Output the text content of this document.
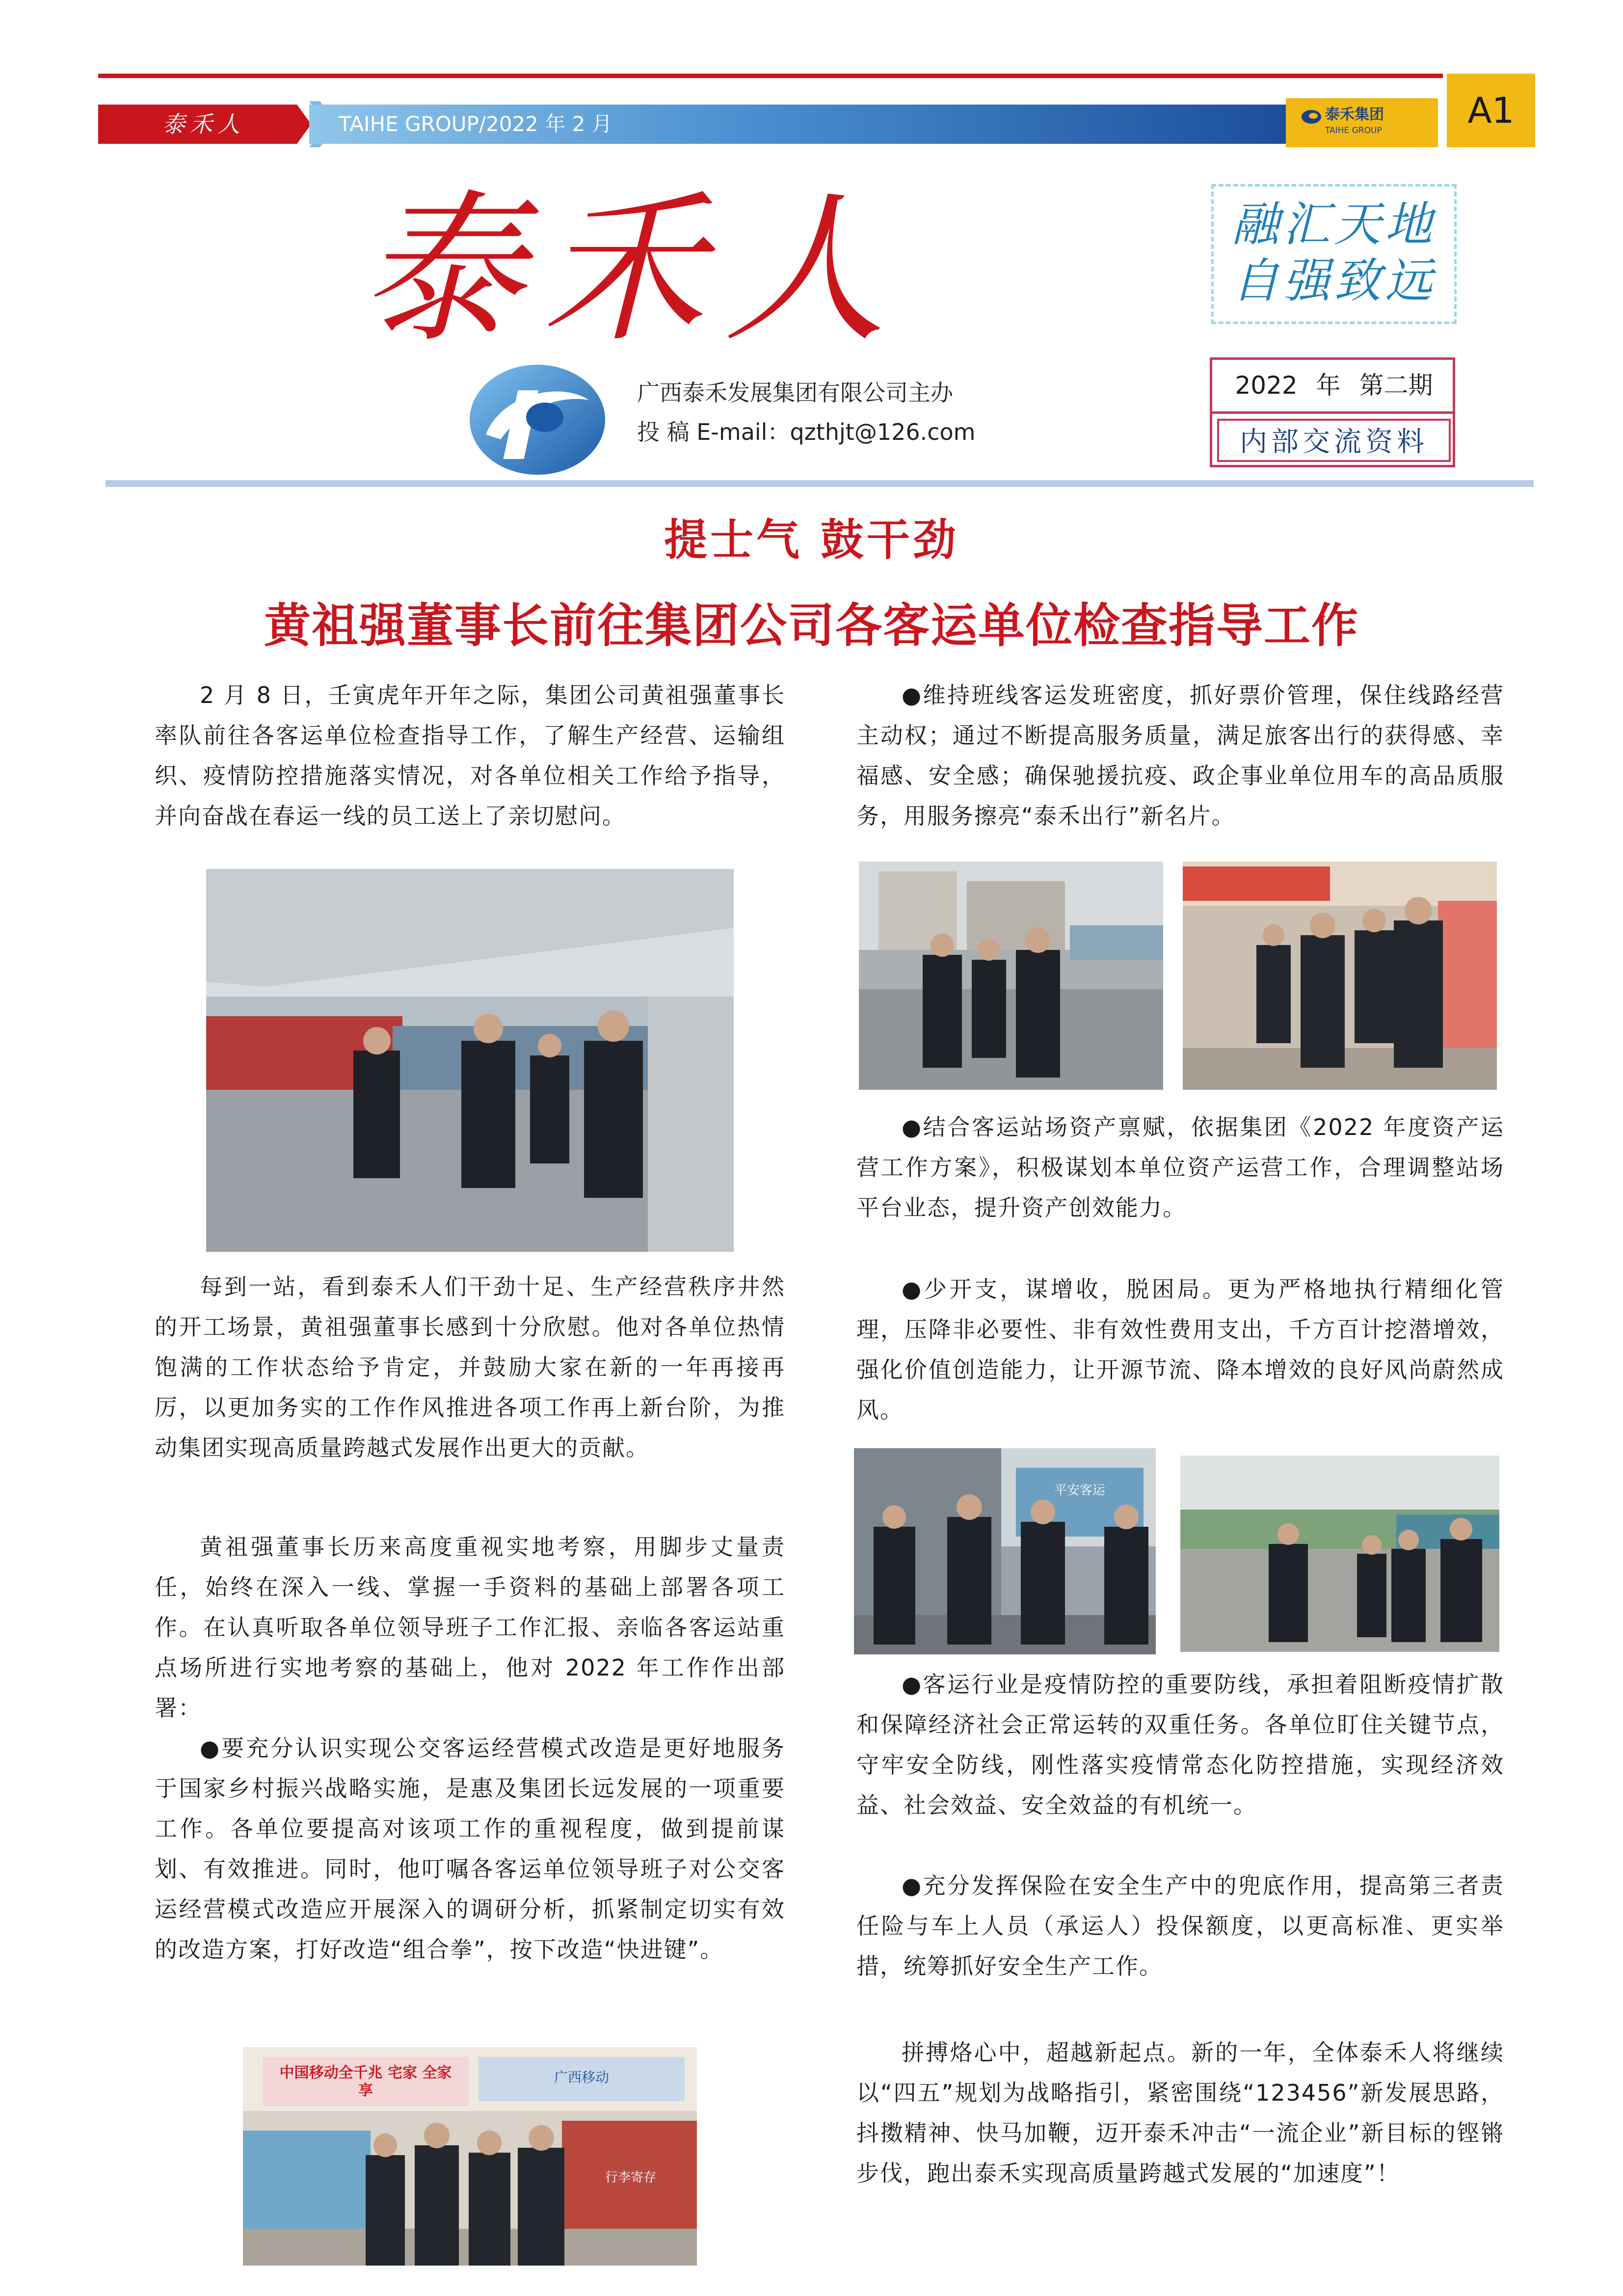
泰禾人	TAIHE GROUP/2022 年 2 月	泰禾集团
TAIHE GROUP	A1
泰禾人
广西泰禾发展集团有限公司主办
投 稿 E-mail：qzthjt@126.com
融汇天地
自强致远
2022 年 第二期
内部交流资料
提士气 鼓干劲
黄祖强董事长前往集团公司各客运单位检查指导工作

2 月 8 日，壬寅虎年开年之际，集团公司黄祖强董事长率队前往各客运单位检查指导工作，了解生产经营、运输组织、疫情防控措施落实情况，对各单位相关工作给予指导，并向奋战在春运一线的员工送上了亲切慰问。

每到一站，看到泰禾人们干劲十足、生产经营秩序井然的开工场景，黄祖强董事长感到十分欣慰。他对各单位热情饱满的工作状态给予肯定，并鼓励大家在新的一年再接再厉，以更加务实的工作作风推进各项工作再上新台阶，为推动集团实现高质量跨越式发展作出更大的贡献。

黄祖强董事长历来高度重视实地考察，用脚步丈量责任，始终在深入一线、掌握一手资料的基础上部署各项工作。在认真听取各单位领导班子工作汇报、亲临各客运站重点场所进行实地考察的基础上，他对 2022 年工作作出部署：

●要充分认识实现公交客运经营模式改造是更好地服务于国家乡村振兴战略实施，是惠及集团长远发展的一项重要工作。各单位要提高对该项工作的重视程度，做到提前谋划、有效推进。同时，他叮嘱各客运单位领导班子对公交客运经营模式改造应开展深入的调研分析，抓紧制定切实有效的改造方案，打好改造“组合拳”，按下改造“快进键”。

中国移动全千兆 宅家 全家享
广西移动
行李寄存

●维持班线客运发班密度，抓好票价管理，保住线路经营主动权；通过不断提高服务质量，满足旅客出行的获得感、幸福感、安全感；确保驰援抗疫、政企事业单位用车的高品质服务，用服务擦亮“泰禾出行”新名片。

●结合客运站场资产禀赋，依据集团《2022 年度资产运营工作方案》，积极谋划本单位资产运营工作，合理调整站场平台业态，提升资产创效能力。

●少开支，谋增收，脱困局。更为严格地执行精细化管理，压降非必要性、非有效性费用支出，千方百计挖潜增效，强化价值创造能力，让开源节流、降本增效的良好风尚蔚然成风。

平安客运

●客运行业是疫情防控的重要防线，承担着阻断疫情扩散和保障经济社会正常运转的双重任务。各单位盯住关键节点，守牢安全防线，刚性落实疫情常态化防控措施，实现经济效益、社会效益、安全效益的有机统一。

●充分发挥保险在安全生产中的兜底作用，提高第三者责任险与车上人员（承运人）投保额度，以更高标准、更实举措，统筹抓好安全生产工作。

拼搏烙心中，超越新起点。新的一年，全体泰禾人将继续以“四五”规划为战略指引，紧密围绕“123456”新发展思路，抖擞精神、快马加鞭，迈开泰禾冲击“一流企业”新目标的铿锵步伐，跑出泰禾实现高质量跨越式发展的“加速度”！
